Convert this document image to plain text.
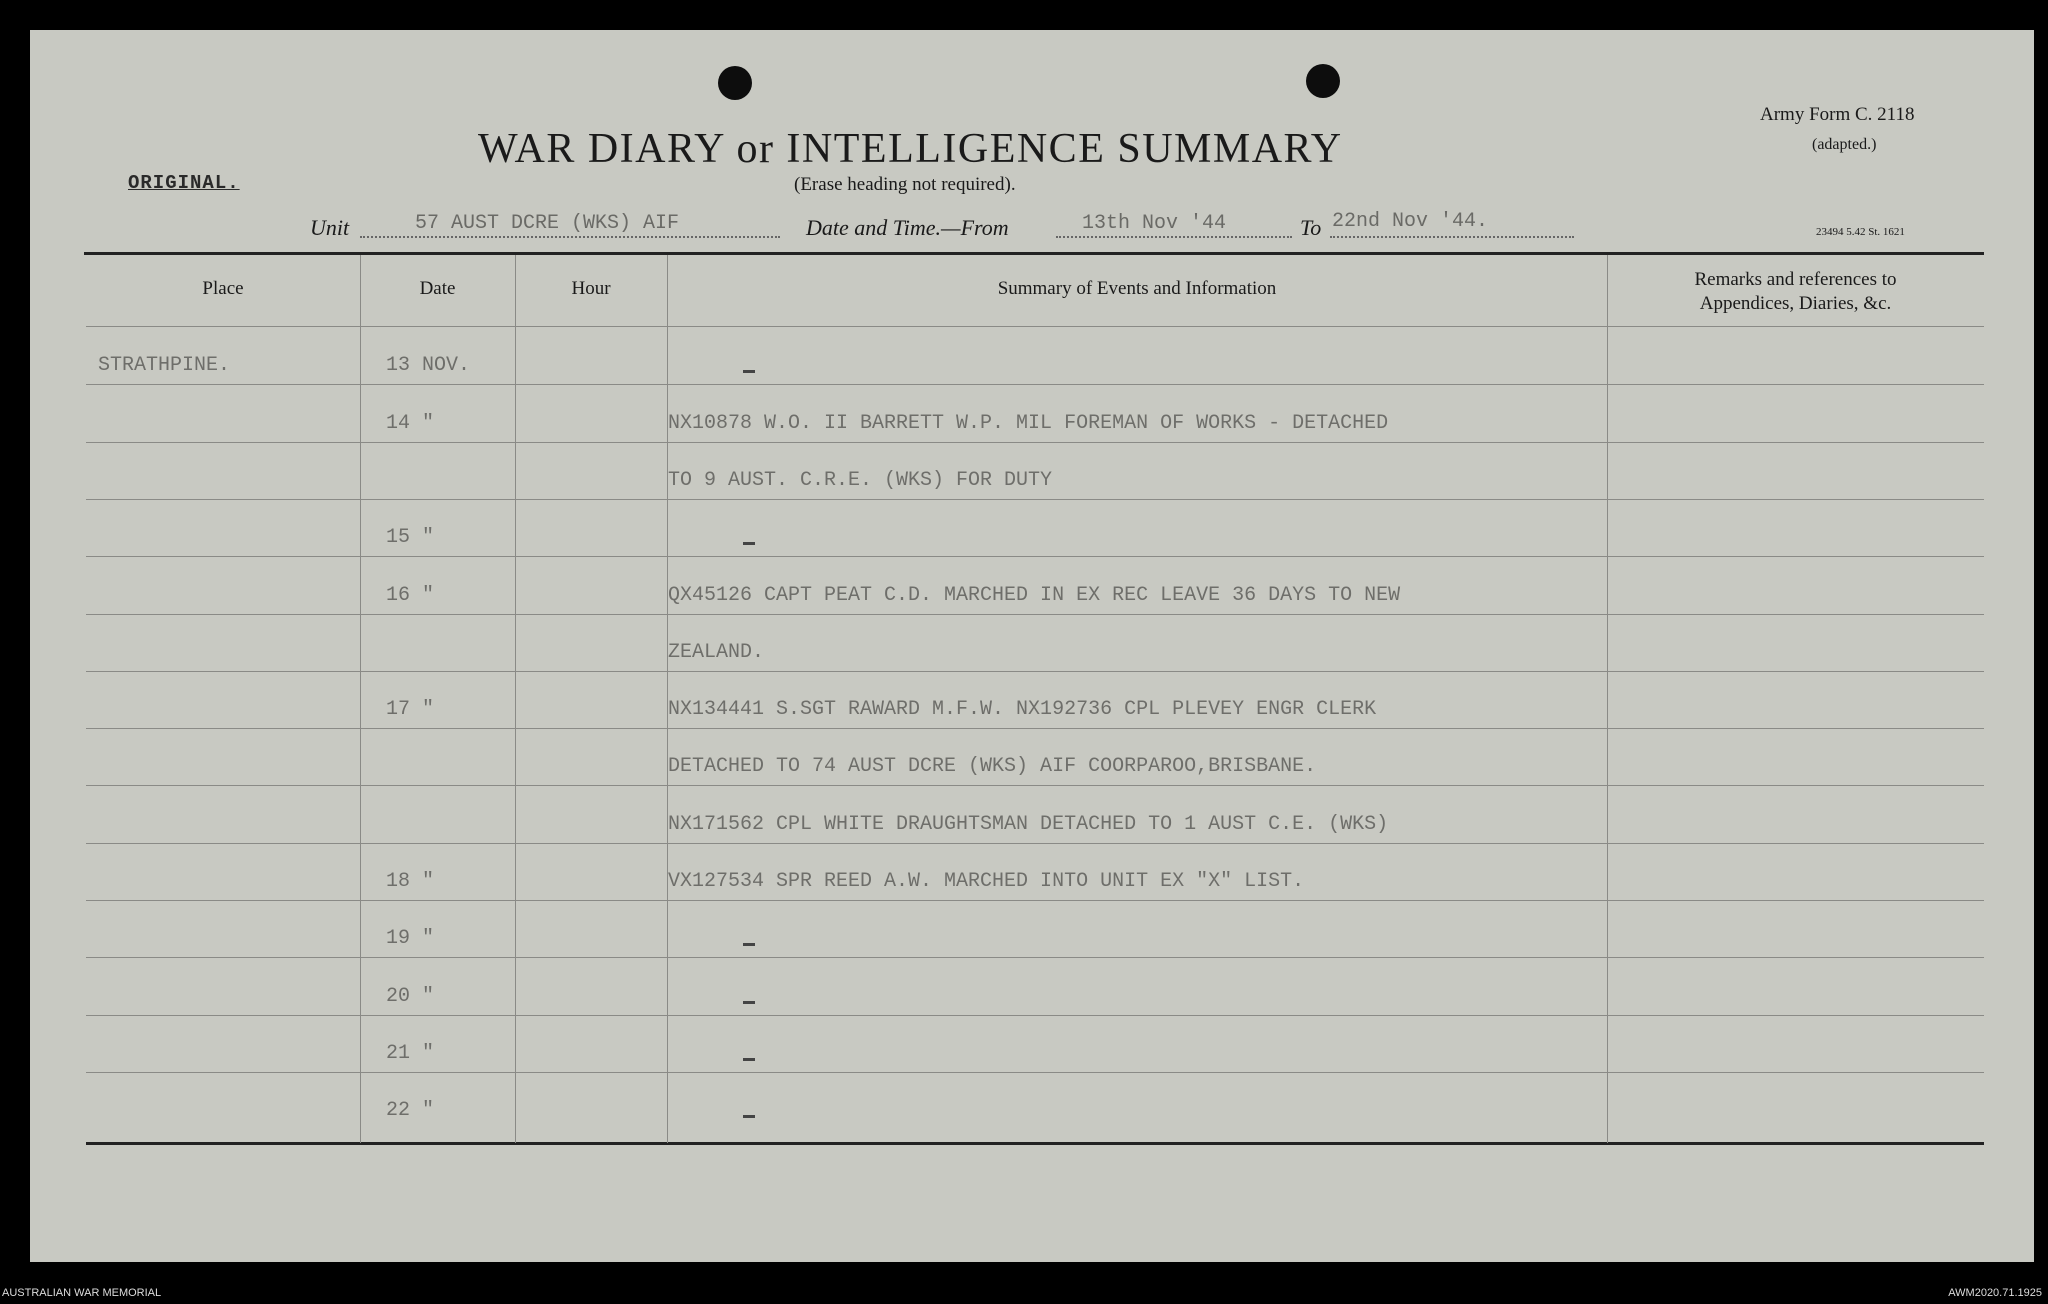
ORIGINAL.
WAR DIARY or INTELLIGENCE SUMMARY
(Erase heading not required).
Army Form C. 2118
(adapted.)
23494 5.42 St. 1621
Unit	57 AUST DCRE (WKS) AIF	Date and Time.—From	13th Nov '44	To 22nd Nov '44.
Place	Date	Hour	Summary of Events and Information	Remarks and references to
Appendices, Diaries, &c.
STRATHPINE.	13 NOV.
14 "	NX10878 W.O. II BARRETT W.P. MIL FOREMAN OF WORKS - DETACHED
TO 9 AUST. C.R.E. (WKS) FOR DUTY
15 "
16 "	QX45126 CAPT PEAT C.D. MARCHED IN EX REC LEAVE 36 DAYS TO NEW
ZEALAND.
17 "	NX134441 S.SGT RAWARD M.F.W. NX192736 CPL PLEVEY ENGR CLERK
DETACHED TO 74 AUST DCRE (WKS) AIF COORPAROO,BRISBANE.
NX171562 CPL WHITE DRAUGHTSMAN DETACHED TO 1 AUST C.E. (WKS)
18 "	VX127534 SPR REED A.W. MARCHED INTO UNIT EX "X" LIST.
19 "
20 "
21 "
22 "
AUSTRALIAN WAR MEMORIAL	AWM2020.71.1925
